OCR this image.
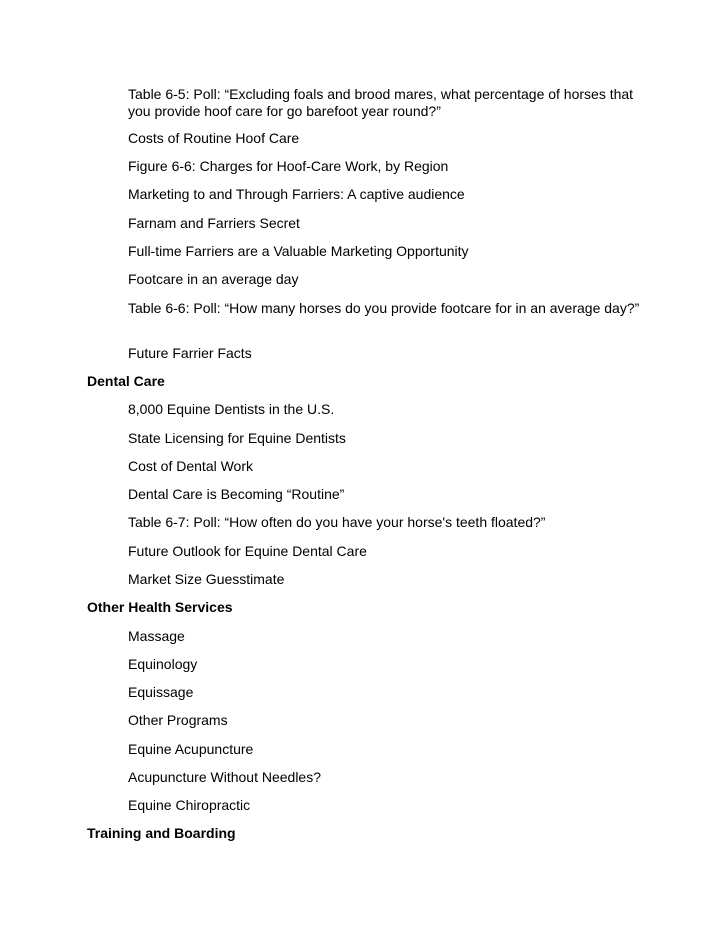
Table 6-5: Poll: “Excluding foals and brood mares, what percentage of horses that you provide hoof care for go barefoot year round?”
Costs of Routine Hoof Care
Figure 6-6: Charges for Hoof-Care Work, by Region
Marketing to and Through Farriers: A captive audience
Farnam and Farriers Secret
Full-time Farriers are a Valuable Marketing Opportunity
Footcare in an average day
Table 6-6: Poll: “How many horses do you provide footcare for in an average day?”
Future Farrier Facts
Dental Care
8,000 Equine Dentists in the U.S.
State Licensing for Equine Dentists
Cost of Dental Work
Dental Care is Becoming “Routine”
Table 6-7: Poll: “How often do you have your horse's teeth floated?”
Future Outlook for Equine Dental Care
Market Size Guesstimate
Other Health Services
Massage
Equinology
Equissage
Other Programs
Equine Acupuncture
Acupuncture Without Needles?
Equine Chiropractic
Training and Boarding
